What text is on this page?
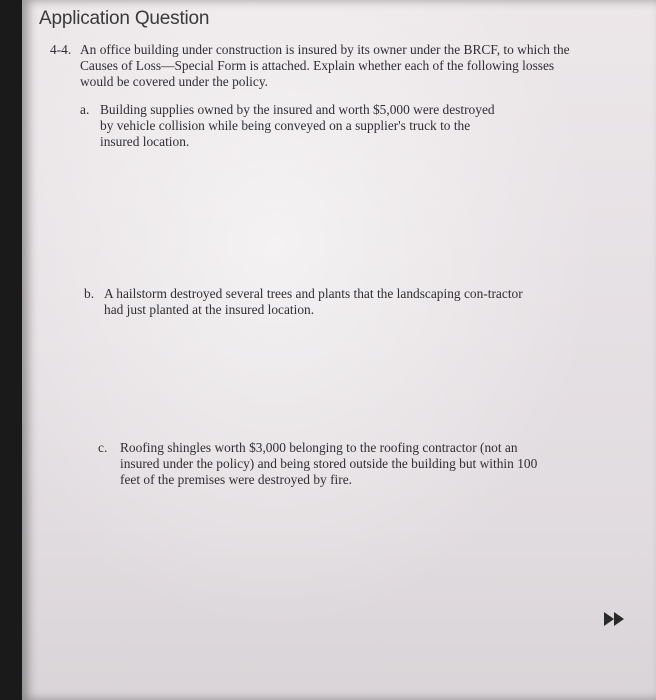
Application Question
4-4. An office building under construction is insured by its owner under the BRCF, to which the Causes of Loss—Special Form is attached. Explain whether each of the following losses would be covered under the policy.
a. Building supplies owned by the insured and worth $5,000 were destroyed by vehicle collision while being conveyed on a supplier's truck to the insured location.
b. A hailstorm destroyed several trees and plants that the landscaping con-tractor had just planted at the insured location.
c. Roofing shingles worth $3,000 belonging to the roofing contractor (not an insured under the policy) and being stored outside the building but within 100 feet of the premises were destroyed by fire.
